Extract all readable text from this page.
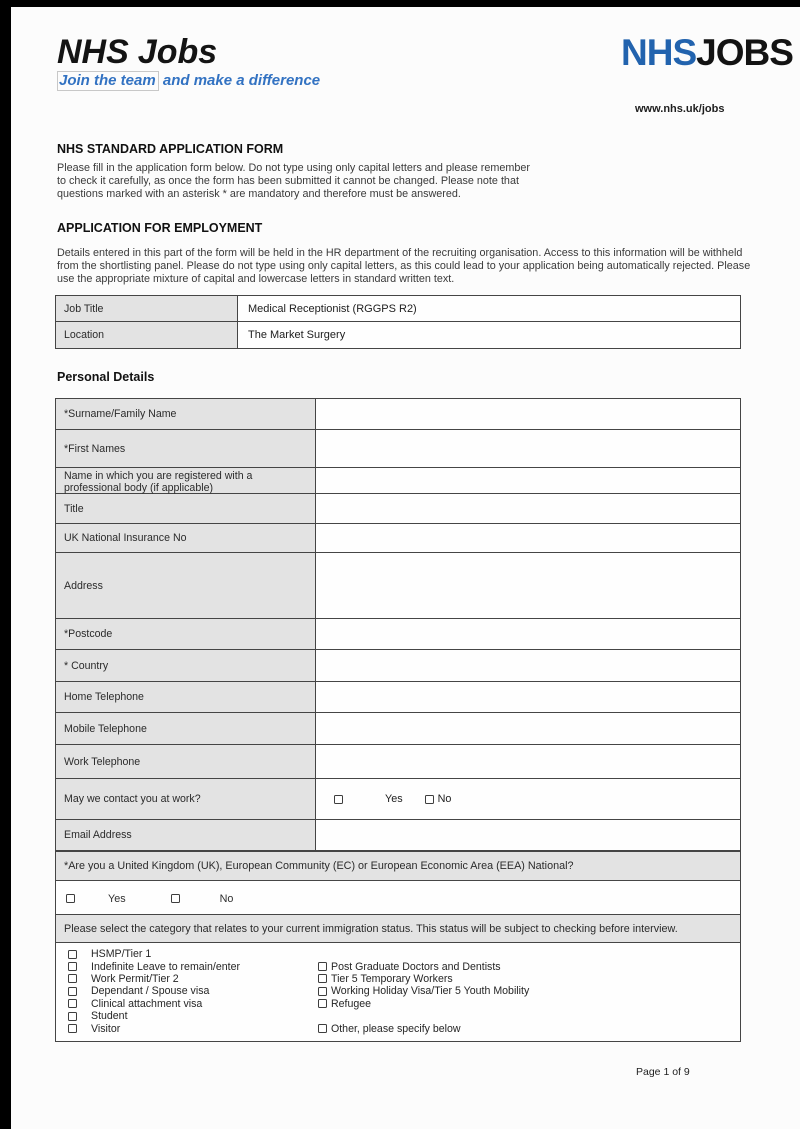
NHS Jobs
Join the team and make a difference
NHSJOBS
www.nhs.uk/jobs
NHS STANDARD APPLICATION FORM
Please fill in the application form below. Do not type using only capital letters and please remember to check it carefully, as once the form has been submitted it cannot be changed. Please note that questions marked with an asterisk * are mandatory and therefore must be answered.
APPLICATION FOR EMPLOYMENT
Details entered in this part of the form will be held in the HR department of the recruiting organisation. Access to this information will be withheld from the shortlisting panel. Please do not type using only capital letters, as this could lead to your application being automatically rejected. Please use the appropriate mixture of capital and lowercase letters in standard written text.
Job Title	Medical Receptionist (RGGPS R2)
Location	The Market Surgery
Personal Details
*Surname/Family Name
*First Names
Name in which you are registered with a professional body (if applicable)
Title
UK National Insurance No
Address
*Postcode
* Country
Home Telephone
Mobile Telephone
Work Telephone
May we contact you at work?	Yes	No
Email Address
*Are you a United Kingdom (UK), European Community (EC) or European Economic Area (EEA) National?
Yes	No
Please select the category that relates to your current immigration status. This status will be subject to checking before interview.
HSMP/Tier 1
Indefinite Leave to remain/enter	Post Graduate Doctors and Dentists
Work Permit/Tier 2	Tier 5 Temporary Workers
Dependant / Spouse visa	Working Holiday Visa/Tier 5 Youth Mobility
Clinical attachment visa	Refugee
Student
Visitor	Other, please specify below
Page 1 of 9
